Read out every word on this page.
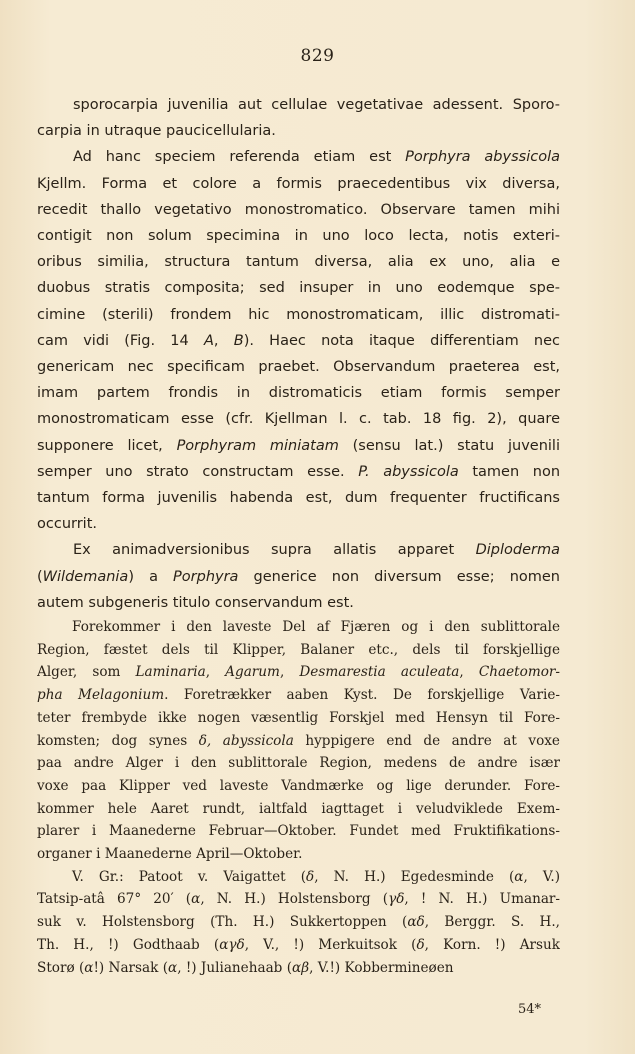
829
sporocarpia juvenilia aut cellulae vegetativae adessent. Sporo-
carpia in utraque paucicellularia.
Ad hanc speciem referenda etiam est Porphyra abyssicola
Kjellm. Forma et colore a formis praecedentibus vix diversa,
recedit thallo vegetativo monostromatico. Observare tamen mihi
contigit non solum specimina in uno loco lecta, notis exteri-
oribus similia, structura tantum diversa, alia ex uno, alia e
duobus stratis composita; sed insuper in uno eodemque spe-
cimine (sterili) frondem hic monostromaticam, illic distromati-
cam vidi (Fig. 14 A, B). Haec nota itaque differentiam nec
genericam nec specificam praebet. Observandum praeterea est,
imam partem frondis in distromaticis etiam formis semper
monostromaticam esse (cfr. Kjellman l. c. tab. 18 fig. 2), quare
supponere licet, Porphyram miniatam (sensu lat.) statu juvenili
semper uno strato constructam esse. P. abyssicola tamen non
tantum forma juvenilis habenda est, dum frequenter fructificans
occurrit.
Ex animadversionibus supra allatis apparet Diploderma
(Wildemania) a Porphyra generice non diversum esse; nomen
autem subgeneris titulo conservandum est.
Forekommer i den laveste Del af Fjæren og i den sublittorale
Region, fæstet dels til Klipper, Balaner etc., dels til forskjellige
Alger, som Laminaria, Agarum, Desmarestia aculeata, Chaetomor-
pha Melagonium. Foretrækker aaben Kyst. De forskjellige Varie-
teter frembyde ikke nogen væsentlig Forskjel med Hensyn til Fore-
komsten; dog synes δ, abyssicola hyppigere end de andre at voxe
paa andre Alger i den sublittorale Region, medens de andre især
voxe paa Klipper ved laveste Vandmærke og lige derunder. Fore-
kommer hele Aaret rundt, ialtfald iagttaget i veludviklede Exem-
plarer i Maanederne Februar—Oktober. Fundet med Fruktifikations-
organer i Maanederne April—Oktober.
V. Gr.: Patoot v. Vaigattet (δ, N. H.) Egedesminde (α, V.)
Tatsip-atâ 67° 20′ (α, N. H.) Holstensborg (γδ, ! N. H.) Umanar-
suk v. Holstensborg (Th. H.) Sukkertoppen (αδ, Berggr. S. H.,
Th. H., !) Godthaab (αγδ, V., !) Merkuitsok (δ, Korn. !) Arsuk
Storø (α!) Narsak (α, !) Julianehaab (αβ, V.!) Kobbermineøen
54*
